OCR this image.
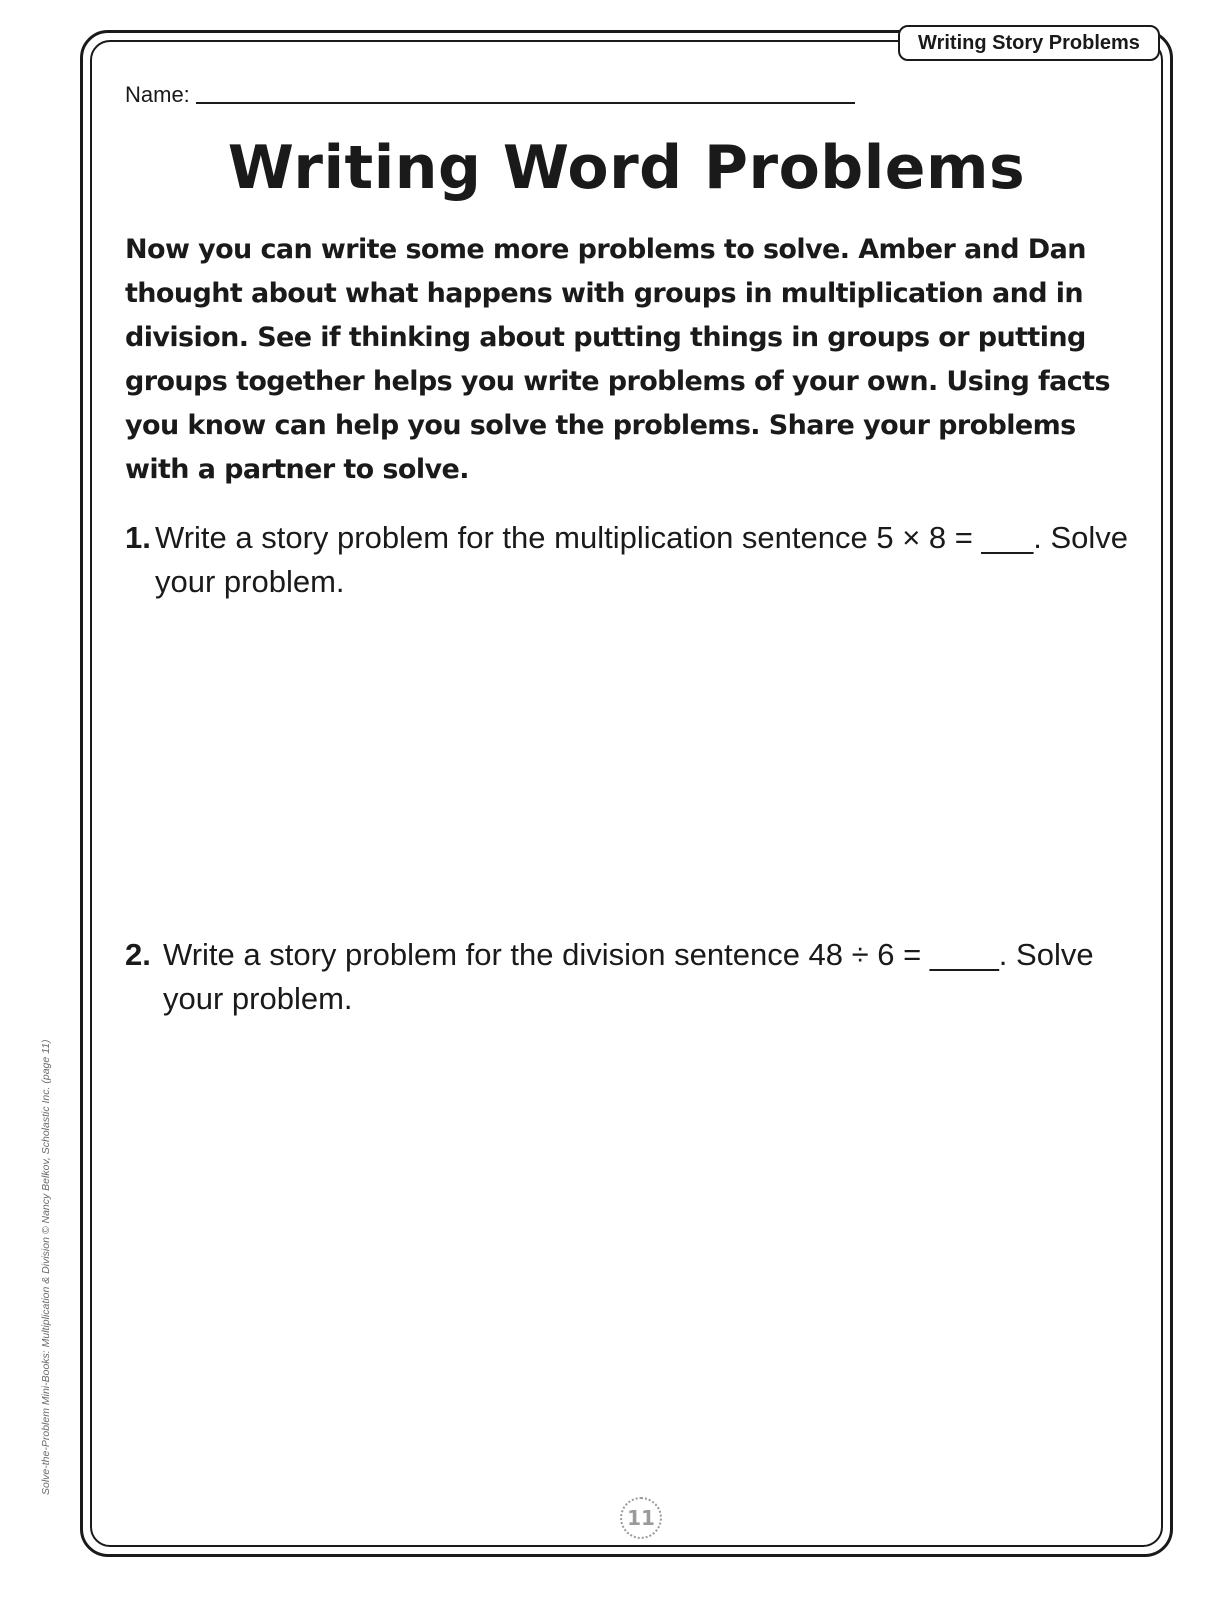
Writing Story Problems
Name:
Writing Word Problems

Now you can write some more problems to solve. Amber and Dan thought about what happens with groups in multiplication and in division. See if thinking about putting things in groups or putting groups together helps you write problems of your own. Using facts you know can help you solve the problems. Share your problems with a partner to solve.

1. Write a story problem for the multiplication sentence 5 × 8 = ___. Solve your problem.
2. Write a story problem for the division sentence 48 ÷ 6 = ____. Solve your problem.
11
Solve-the-Problem Mini-Books: Multiplication & Division © Nancy Belkov, Scholastic Inc. (page 11)
